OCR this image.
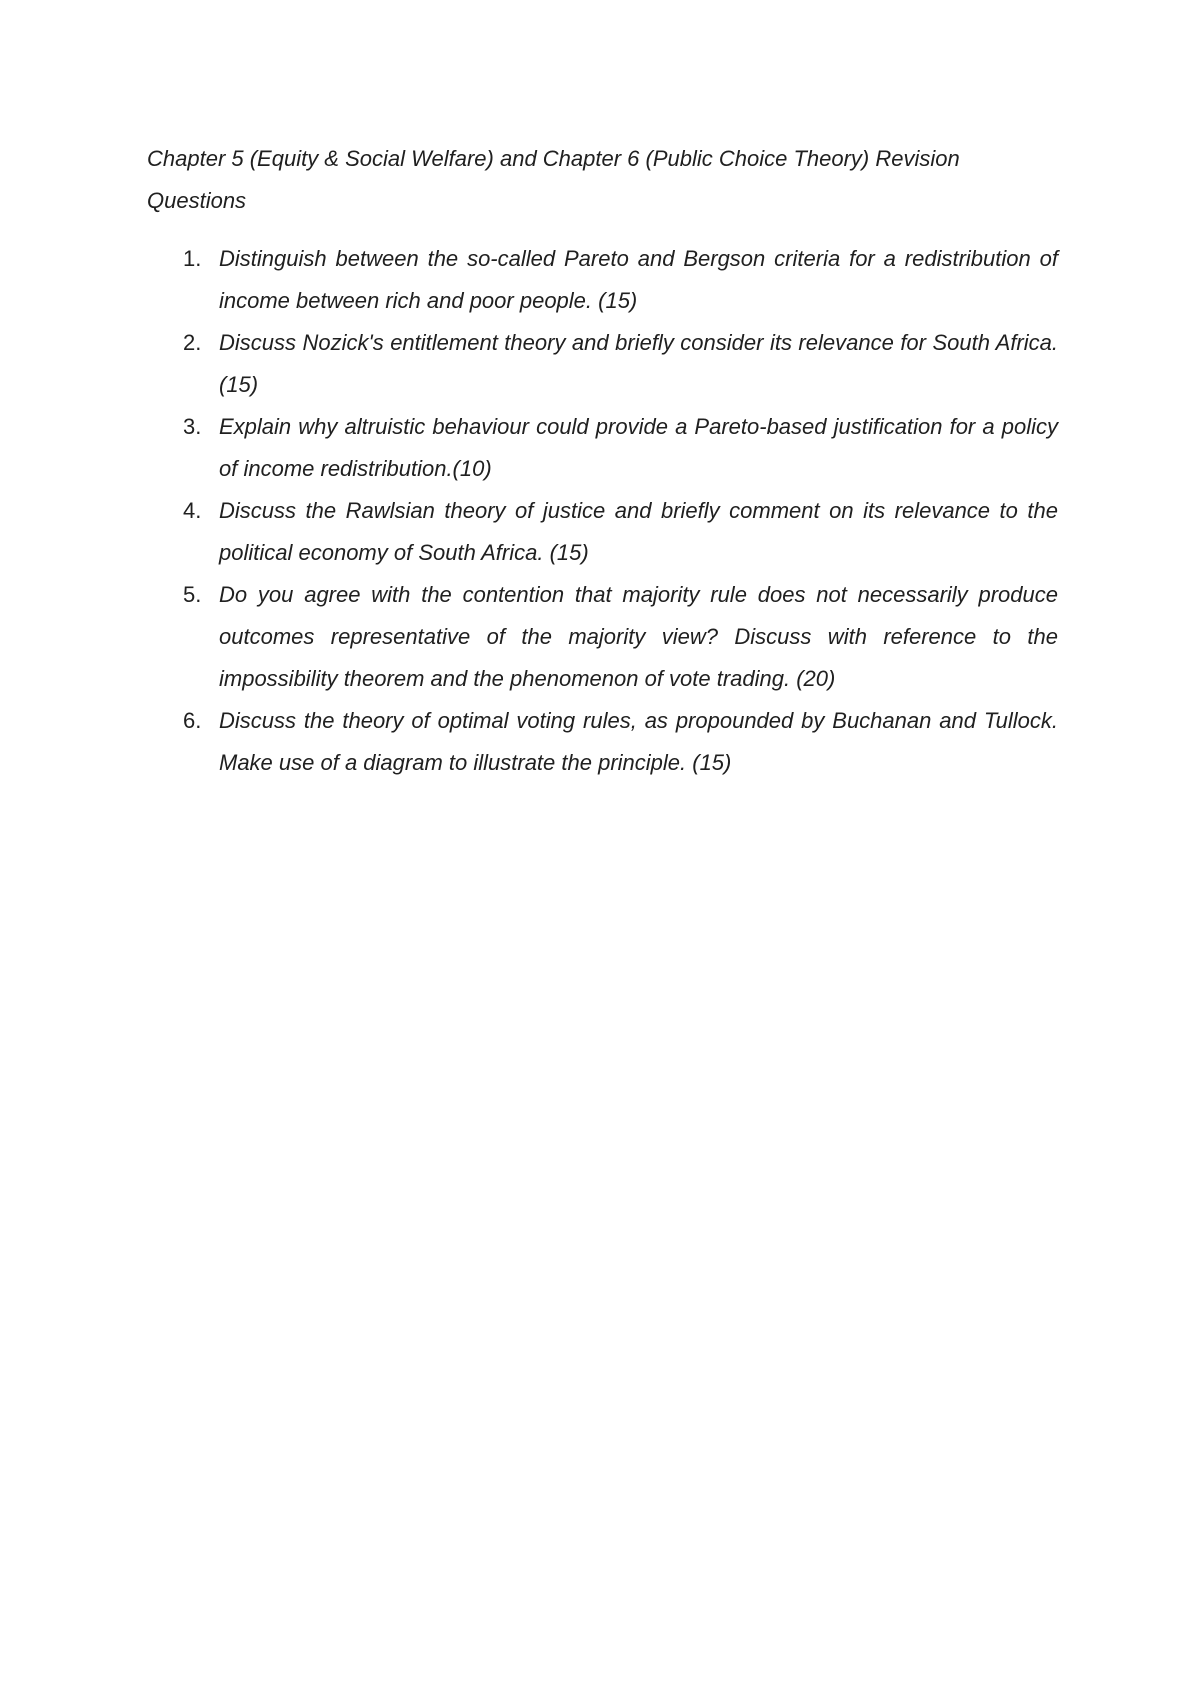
Chapter 5 (Equity & Social Welfare) and Chapter 6 (Public Choice Theory) Revision Questions

1. Distinguish between the so-called Pareto and Bergson criteria for a redistribution of income between rich and poor people. (15)
2. Discuss Nozick's entitlement theory and briefly consider its relevance for South Africa.(15)
3. Explain why altruistic behaviour could provide a Pareto-based justification for a policy of income redistribution.(10)
4. Discuss the Rawlsian theory of justice and briefly comment on its relevance to the political economy of South Africa. (15)
5. Do you agree with the contention that majority rule does not necessarily produce outcomes representative of the majority view? Discuss with reference to the impossibility theorem and the phenomenon of vote trading. (20)
6. Discuss the theory of optimal voting rules, as propounded by Buchanan and Tullock. Make use of a diagram to illustrate the principle. (15)
